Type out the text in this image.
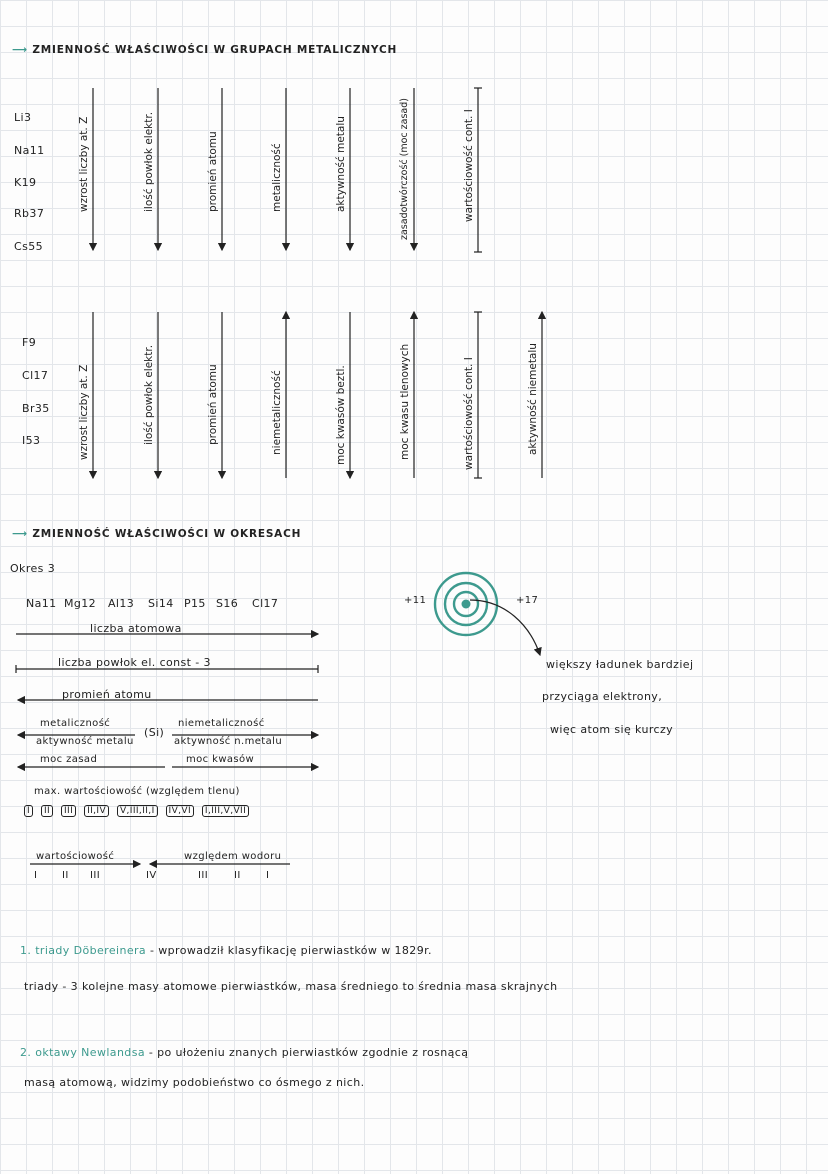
⟶ ZMIENNOŚĆ WŁAŚCIWOŚCI W GRUPACH METALICZNYCH
Li3
Na11
K19
Rb37
Cs55
F9
Cl17
Br35
I53
wzrost liczby at. Z	ilość powłok elektr.	promień atomu	metaliczność	aktywność metalu	zasadotwórczość (moc zasad)	wartościowość cont. I
wzrost liczby at. Z	ilość powłok elektr.	promień atomu	niemetaliczność	moc kwasów beztl.	moc kwasu tlenowych	wartościowość cont. I	aktywność niemetalu
⟶ ZMIENNOŚĆ WŁAŚCIWOŚCI W OKRESACH
Okres 3
Na11 Mg12 Al13 Si14 P15 S16 Cl17
liczba atomowa
liczba powłok el. const - 3
promień atomu
metaliczność
aktywność metalu
(Si)
niemetaliczność
aktywność n.metalu
moc zasad	moc kwasów
max. wartościowość (względem tlenu)
I II III II,IV V,III,II,I IV,VI I,III,V,VII
wartościowość	względem wodoru
I II III	IV	III	II	I
+11	+17
większy ładunek bardziej
przyciąga elektrony,
więc atom się kurczy
1. triady Döbereinera - wprowadził klasyfikację pierwiastków w 1829r.
triady - 3 kolejne masy atomowe pierwiastków, masa średniego to średnia masa skrajnych
2. oktawy Newlandsa - po ułożeniu znanych pierwiastków zgodnie z rosnącą
masą atomową, widzimy podobieństwo co ósmego z nich.
